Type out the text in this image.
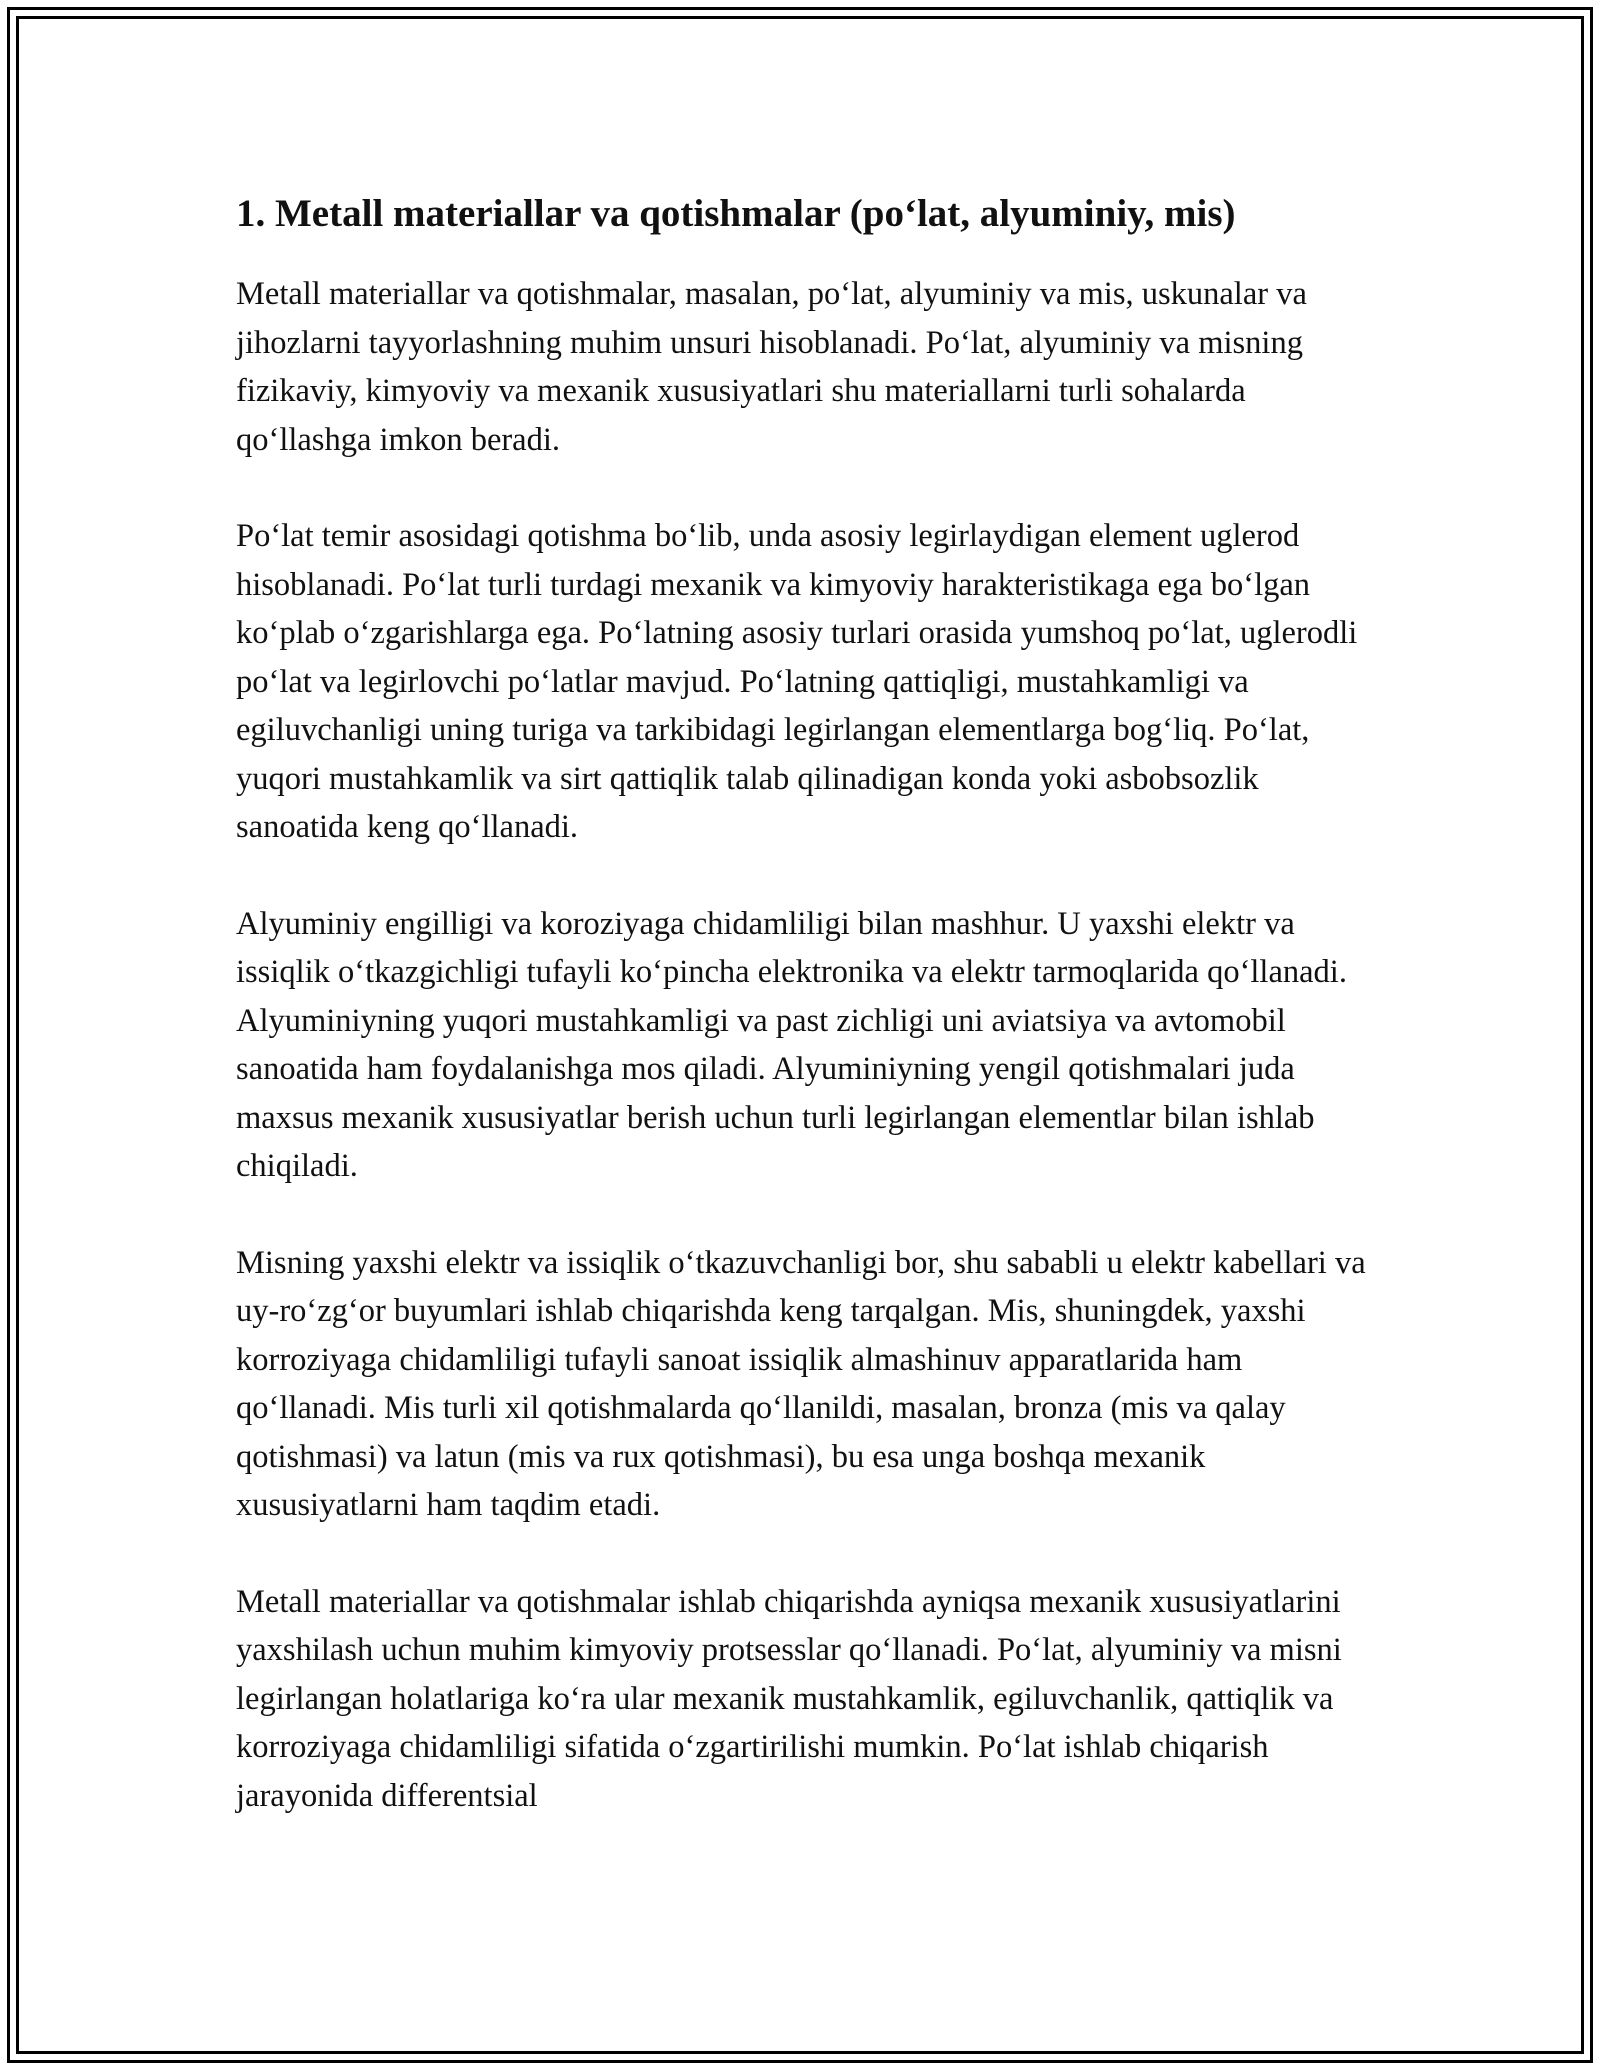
1. Metall materiallar va qotishmalar (po‘lat, alyuminiy, mis)

Metall materiallar va qotishmalar, masalan, po‘lat, alyuminiy va mis, uskunalar va jihozlarni tayyorlashning muhim unsuri hisoblanadi. Po‘lat, alyuminiy va misning fizikaviy, kimyoviy va mexanik xususiyatlari shu materiallarni turli sohalarda qo‘llashga imkon beradi.

Po‘lat temir asosidagi qotishma bo‘lib, unda asosiy legirlaydigan element uglerod hisoblanadi. Po‘lat turli turdagi mexanik va kimyoviy harakteristikaga ega bo‘lgan ko‘plab o‘zgarishlarga ega. Po‘latning asosiy turlari orasida yumshoq po‘lat, uglerodli po‘lat va legirlovchi po‘latlar mavjud. Po‘latning qattiqligi, mustahkamligi va egiluvchanligi uning turiga va tarkibidagi legirlangan elementlarga bog‘liq. Po‘lat, yuqori mustahkamlik va sirt qattiqlik talab qilinadigan konda yoki asbobsozlik sanoatida keng qo‘llanadi.

Alyuminiy engilligi va koroziyaga chidamliligi bilan mashhur. U yaxshi elektr va issiqlik o‘tkazgichligi tufayli ko‘pincha elektronika va elektr tarmoqlarida qo‘llanadi. Alyuminiyning yuqori mustahkamligi va past zichligi uni aviatsiya va avtomobil sanoatida ham foydalanishga mos qiladi. Alyuminiyning yengil qotishmalari juda maxsus mexanik xususiyatlar berish uchun turli legirlangan elementlar bilan ishlab chiqiladi.

Misning yaxshi elektr va issiqlik o‘tkazuvchanligi bor, shu sababli u elektr kabellari va uy-ro‘zg‘or buyumlari ishlab chiqarishda keng tarqalgan. Mis, shuningdek, yaxshi korroziyaga chidamliligi tufayli sanoat issiqlik almashinuv apparatlarida ham qo‘llanadi. Mis turli xil qotishmalarda qo‘llanildi, masalan, bronza (mis va qalay qotishmasi) va latun (mis va rux qotishmasi), bu esa unga boshqa mexanik xususiyatlarni ham taqdim etadi.

Metall materiallar va qotishmalar ishlab chiqarishda ayniqsa mexanik xususiyatlarini yaxshilash uchun muhim kimyoviy protsesslar qo‘llanadi. Po‘lat, alyuminiy va misni legirlangan holatlariga ko‘ra ular mexanik mustahkamlik, egiluvchanlik, qattiqlik va korroziyaga chidamliligi sifatida o‘zgartirilishi mumkin. Po‘lat ishlab chiqarish jarayonida differentsial
